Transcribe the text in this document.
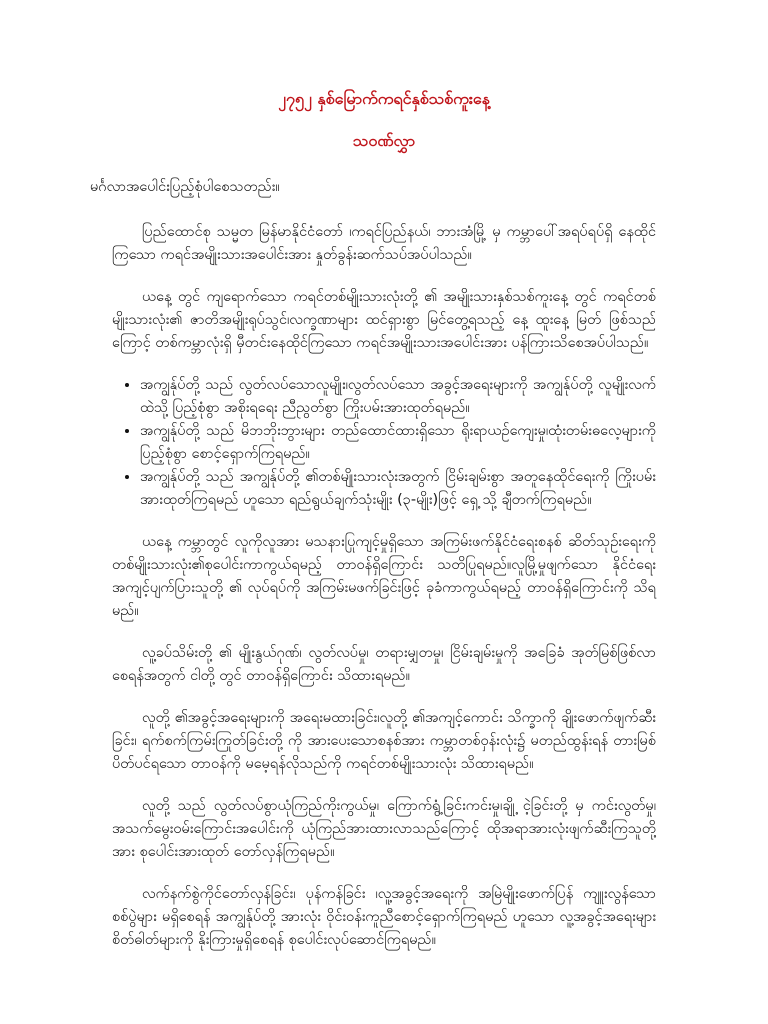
၂၇၅၂ နှစ်မြောက်ကရင်နှစ်သစ်ကူးနေ့
သဝဏ်လွှာ

မင်္ဂလာအပေါင်းပြည့်စုံပါစေသတည်း။

ပြည်ထောင်စု သမ္မတ မြန်မာနိုင်ငံတော် ၊ကရင်ပြည်နယ်၊ ဘားအံမြို့ မှ ကမ္ဘာပေါ်အရပ်ရပ်ရှိ နေထိုင်ကြသော ကရင်အမျိုးသားအပေါင်းအား နှုတ်ခွန်းဆက်သပ်အပ်ပါသည်။

ယနေ့ တွင် ကျရောက်သော ကရင်တစ်မျိုးသားလုံးတို့ ၏ အမျိုးသားနှစ်သစ်ကူးနေ့ တွင် ကရင်တစ်မျိုးသားလုံး၏ ဇာတိအမျိုးရုပ်သွင်၊လက္ခဏာများ ထင်ရှားစွာ မြင်တွေ့ရသည့် နေ့ ထူးနေ့ မြတ် ဖြစ်သည်ကြောင့် တစ်ကမ္ဘာလုံးရှိ မှီတင်းနေထိုင်ကြသော ကရင်အမျိုးသားအပေါင်းအား ပန်ကြားသိစေအပ်ပါသည်။

• အကျွန်ုပ်တို့ သည် လွတ်လပ်သောလူမျိုး၊လွတ်လပ်သော အခွင့်အရေးများကို အကျွန်ုပ်တို့ လူမျိုးလက်ထဲသို့ ပြည့်စုံစွာ အစိုးရရေး ညီညွတ်စွာ ကြိုးပမ်းအားထုတ်ရမည်။
• အကျွန်ုပ်တို့ သည် မိဘဘိုးဘွားများ တည်ထောင်ထားရှိသော ရိုးရာယဉ်ကျေးမှု၊ထုံးတမ်းဓလေ့များကို ပြည့်စုံစွာ စောင့်ရှောက်ကြရမည်။
• အကျွန်ုပ်တို့ သည် အကျွန်ုပ်တို့ ၏တစ်မျိုးသားလုံးအတွက် ငြိမ်းချမ်းစွာ အတူနေထိုင်ရေးကို ကြိုးပမ်းအားထုတ်ကြရမည် ဟူသော ရည်ရွယ်ချက်သုံးမျိုး (၃-မျိုး)ဖြင့် ရှေ့ သို့ ချီတက်ကြရမည်။

ယနေ့ ကမ္ဘာတွင် လူကိုလူအား မသနားပြုကျင့်မှုရှိသော အကြမ်းဖက်နိုင်ငံရေးစနစ် ဆိတ်သုဉ်းရေးကို တစ်မျိုးသားလုံး၏စုပေါင်းကာကွယ်ရမည့် တာဝန်ရှိကြောင်း သတိပြုရမည်။လူမြို့မှုဖျက်သော နိုင်ငံရေး အကျင့်ပျက်ပြားသူတို့ ၏ လုပ်ရပ်ကို အကြမ်းမဖက်ခြင်းဖြင့် ခုခံကာကွယ်ရမည့် တာဝန်ရှိကြောင်းကို သိရမည်။

လူ့ခပ်သိမ်းတို့ ၏ မျိုးနွယ်ဂုဏ်၊ လွတ်လပ်မှု၊ တရားမျှတမှု၊ ငြိမ်းချမ်းမှုကို အခြေခံ အုတ်မြစ်ဖြစ်လာစေရန်အတွက် ငါတို့ တွင် တာဝန်ရှိကြောင်း သိထားရမည်။

လူတို့ ၏အခွင့်အရေးများကို အရေးမထားခြင်း၊လူတို့ ၏အကျင့်ကောင်း သိက္ခာကို ချိုးဖောက်ဖျက်ဆီးခြင်း၊ ရက်စက်ကြမ်းကြုတ်ခြင်းတို့ ကို အားပေးသောစနစ်အား ကမ္ဘာတစ်ဝှန်းလုံး၌ မတည်ထွန်းရန် တားမြစ်ပိတ်ပင်ရသော တာဝန်ကို မမေ့ရန်လိုသည်ကို ကရင်တစ်မျိုးသားလုံး သိထားရမည်။

လူတို့ သည် လွတ်လပ်စွာယုံကြည်ကိုးကွယ်မှု၊ ကြောက်ရွံ့ခြင်းကင်းမှု၊ချို့ ငဲ့ခြင်းတို့ မှ ကင်းလွတ်မှု၊ အသက်မွေးဝမ်းကြောင်းအပေါင်းကို ယုံကြည်အားထားလာသည်ကြောင့် ထိုအရာအားလုံးဖျက်ဆီးကြသူတို့ အား စုပေါင်းအားထုတ် တော်လှန်ကြရမည်။

လက်နက်စွဲကိုင်တော်လှန်ခြင်း၊ ပုန်ကန်ခြင်း ၊လူ့အခွင့်အရေးကို အမြဲမျိုးဖောက်ပြန် ကျူးလွန်သော စစ်ပွဲများ မရှိစေရန် အကျွန်ုပ်တို့ အားလုံး ဝိုင်းဝန်းကူညီစောင့်ရှောက်ကြရမည် ဟူသော လူ့အခွင့်အရေးများ စိတ်ဓါတ်များကို နိုးကြားမှုရှိစေရန် စုပေါင်းလုပ်ဆောင်ကြရမည်။
